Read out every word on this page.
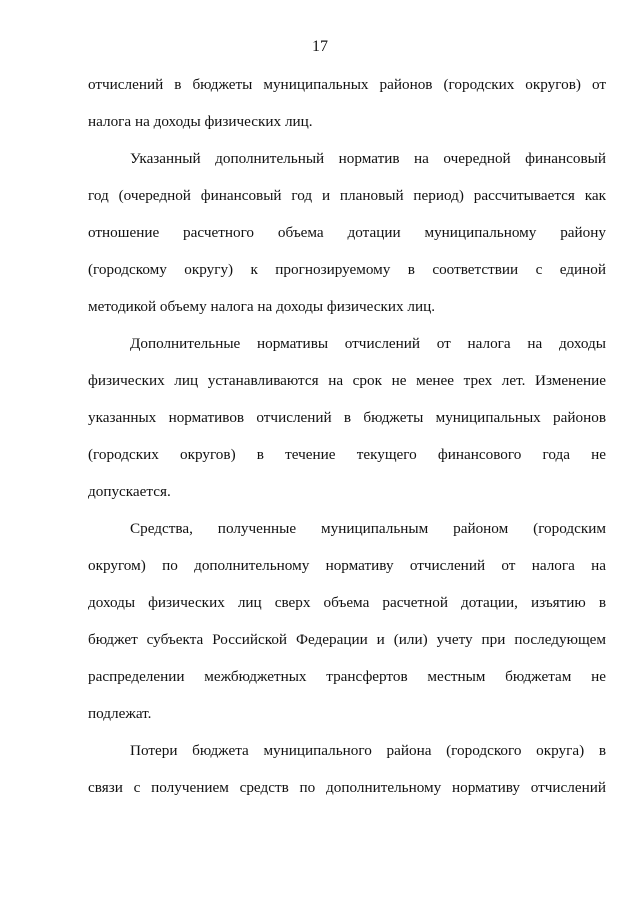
17
отчислений в бюджеты муниципальных районов (городских округов) от
налога на доходы физических лиц.
Указанный дополнительный норматив на очередной финансовый
год (очередной финансовый год и плановый период) рассчитывается как
отношение расчетного объема дотации муниципальному району
(городскому округу) к прогнозируемому в соответствии с единой
методикой объему налога на доходы физических лиц.
Дополнительные нормативы отчислений от налога на доходы
физических лиц устанавливаются на срок не менее трех лет. Изменение
указанных нормативов отчислений в бюджеты муниципальных районов
(городских округов) в течение текущего финансового года не
допускается.
Средства, полученные муниципальным районом (городским
округом) по дополнительному нормативу отчислений от налога на
доходы физических лиц сверх объема расчетной дотации, изъятию в
бюджет субъекта Российской Федерации и (или) учету при последующем
распределении межбюджетных трансфертов местным бюджетам не
подлежат.
Потери бюджета муниципального района (городского округа) в
связи с получением средств по дополнительному нормативу отчислений
